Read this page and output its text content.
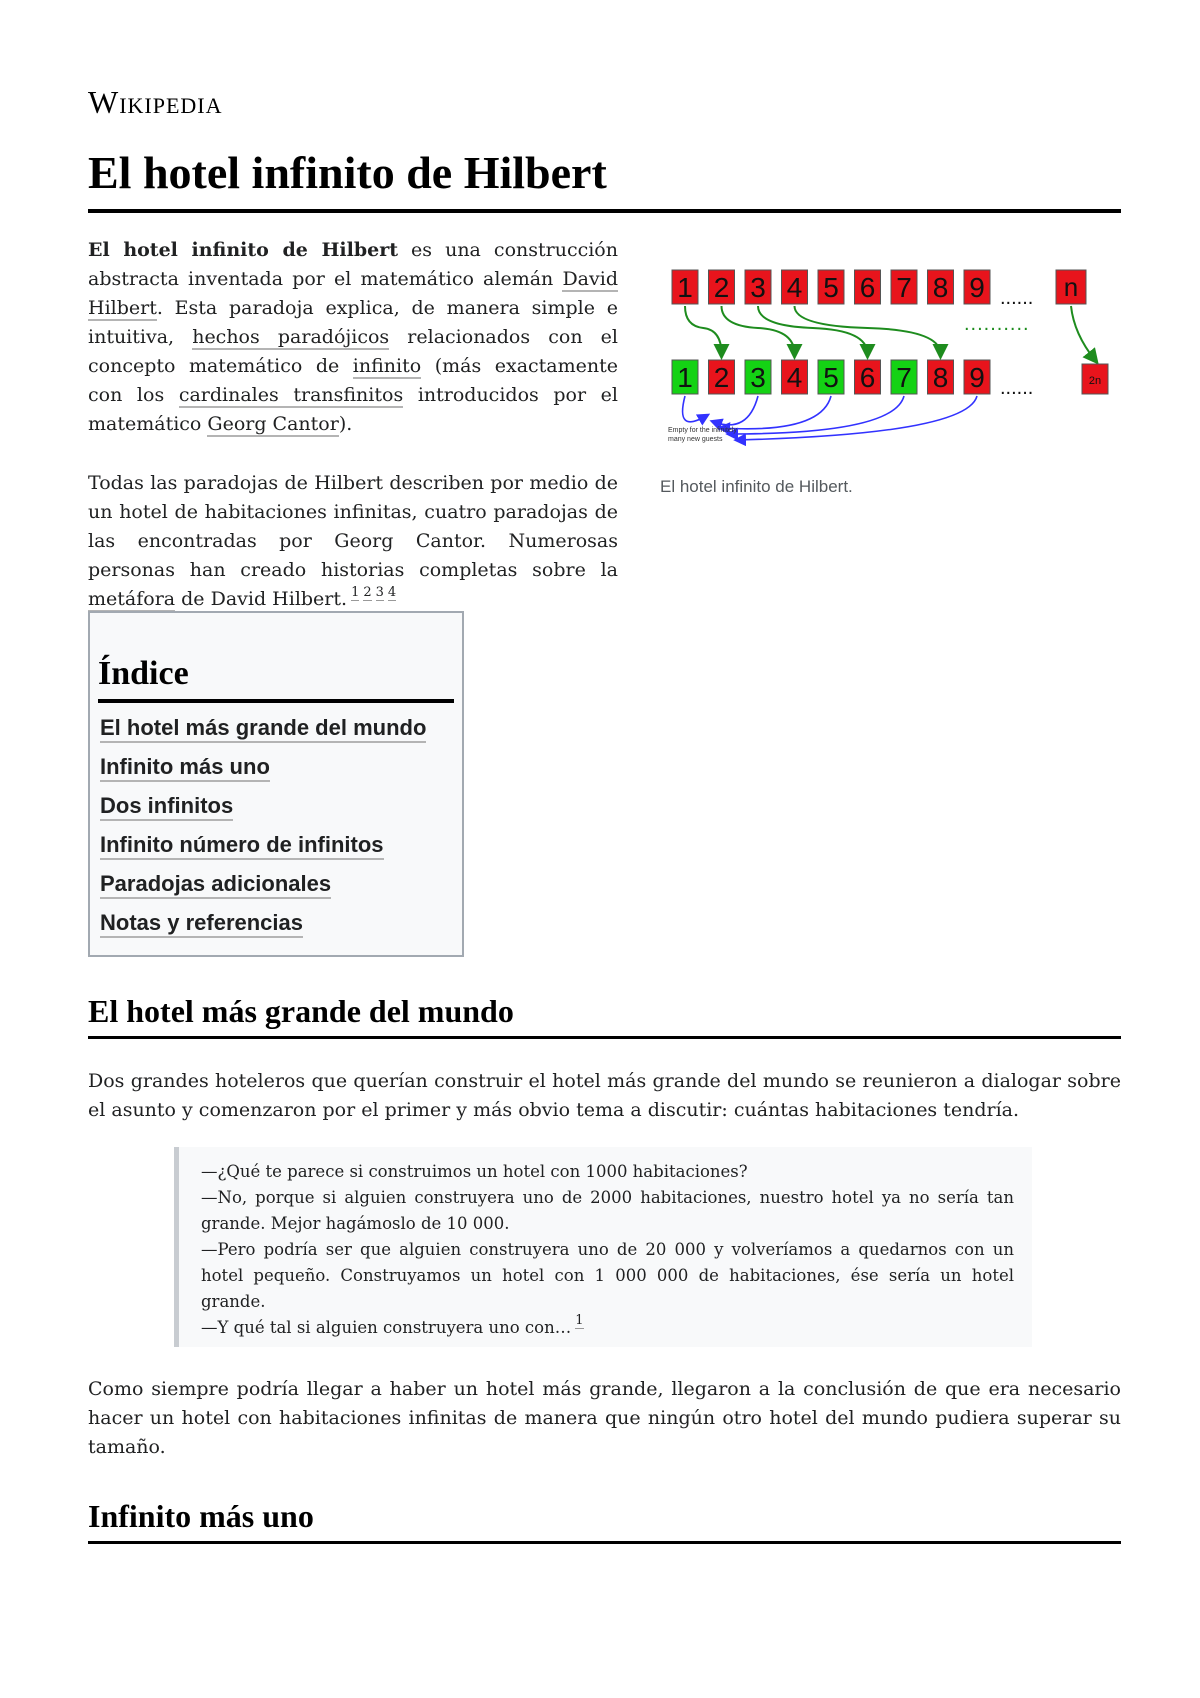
Wikipedia
El hotel infinito de Hilbert

El hotel infinito de Hilbert es una construcción abstracta inventada por el matemático alemán David Hilbert. Esta paradoja explica, de manera simple e intuitiva, hechos paradójicos relacionados con el concepto matemático de infinito (más exactamente con los cardinales transfinitos introducidos por el matemático Georg Cantor).

Todas las paradojas de Hilbert describen por medio de un hotel de habitaciones infinitas, cuatro paradojas de las encontradas por Georg Cantor. Numerosas personas han creado historias completas sobre la metáfora de David Hilbert. $^1$ $^2$ $^3$ $^4$

Empty for the infinitely
many new guests
1 2 3 4 5 6 7 8 9 ......
..........
n
1 2 3 4 5 6 7 8 9 ......	2n
El hotel infinito de Hilbert.
Índice
El hotel más grande del mundo
Infinito más uno
Dos infinitos
Infinito número de infinitos
Paradojas adicionales
Notas y referencias
El hotel más grande del mundo

Dos grandes hoteleros que querían construir el hotel más grande del mundo se reunieron a dialogar sobre el asunto y comenzaron por el primer y más obvio tema a discutir: cuántas habitaciones tendría.

—¿Qué te parece si construimos un hotel con 1000 habitaciones?

—No, porque si alguien construyera uno de 2000 habitaciones, nuestro hotel ya no sería tan grande. Mejor hagámoslo de 10 000.

—Pero podría ser que alguien construyera uno de 20 000 y volveríamos a quedarnos con un hotel pequeño. Construyamos un hotel con 1 000 000 de habitaciones, ése sería un hotel grande.

—Y qué tal si alguien construyera uno con… $^1$

Como siempre podría llegar a haber un hotel más grande, llegaron a la conclusión de que era necesario hacer un hotel con habitaciones infinitas de manera que ningún otro hotel del mundo pudiera superar su tamaño.

Infinito más uno
